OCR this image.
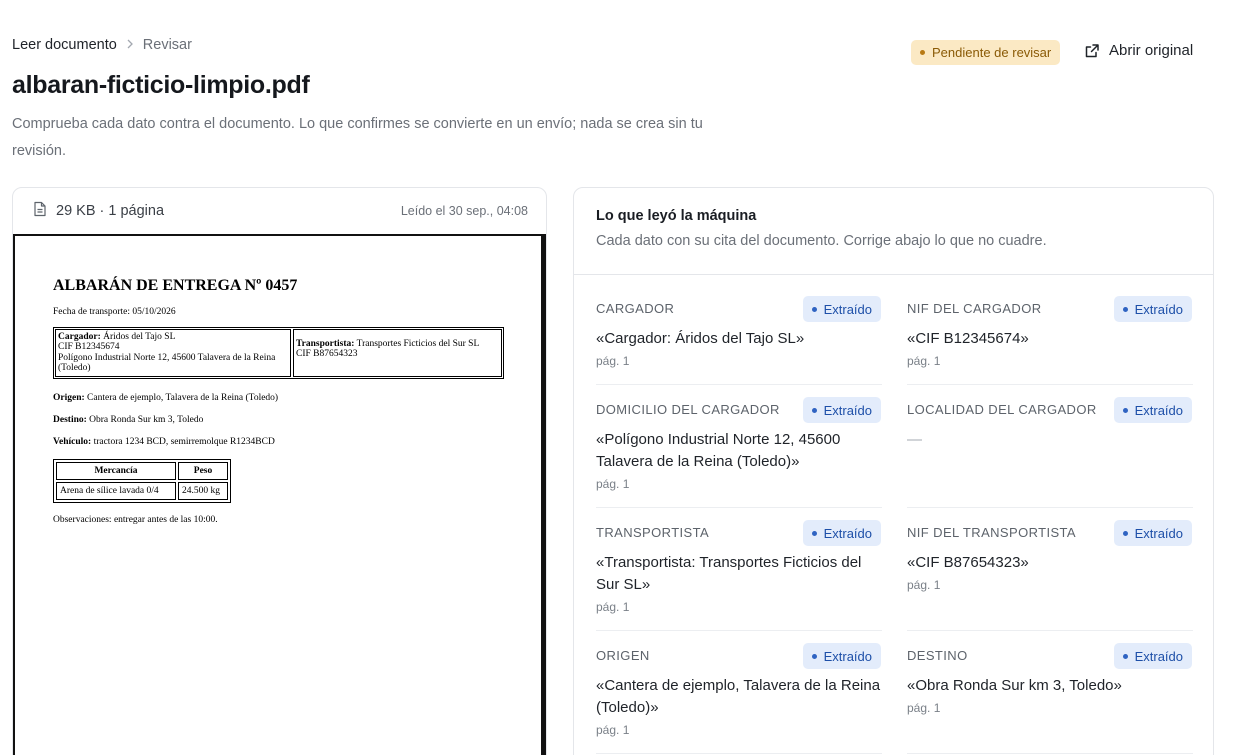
Leer documento Revisar	Pendiente de revisar	Abrir original
albaran-ficticio-limpio.pdf

Comprueba cada dato contra el documento. Lo que confirmes se convierte en un envío; nada se crea sin tu revisión.

29 KB · 1 página	Leído el 30 sep., 04:08
ALBARÁN DE ENTREGA Nº 0457
Fecha de transporte: 05/10/2026
Cargador: Áridos del Tajo SL
CIF B12345674
Polígono Industrial Norte 12, 45600 Talavera de la Reina (Toledo)
Transportista: Transportes Ficticios del Sur SL
CIF B87654323
Origen: Cantera de ejemplo, Talavera de la Reina (Toledo)
Destino: Obra Ronda Sur km 3, Toledo
Vehículo: tractora 1234 BCD, semirremolque R1234BCD
Mercancía	Peso
Arena de sílice lavada 0/4	24.500 kg
Observaciones: entregar antes de las 10:00.
Lo que leyó la máquina
Cada dato con su cita del documento. Corrige abajo lo que no cuadre.
CARGADOR	Extraído
«Cargador: Áridos del Tajo SL»
pág. 1
NIF DEL CARGADOR	Extraído
«CIF B12345674»
pág. 1
DOMICILIO DEL CARGADOR	Extraído
«Polígono Industrial Norte 12, 45600 Talavera de la Reina (Toledo)»
pág. 1
LOCALIDAD DEL CARGADOR	Extraído
—
TRANSPORTISTA	Extraído
«Transportista: Transportes Ficticios del Sur SL»
pág. 1
NIF DEL TRANSPORTISTA	Extraído
«CIF B87654323»
pág. 1
ORIGEN	Extraído
«Cantera de ejemplo, Talavera de la Reina (Toledo)»
pág. 1
DESTINO	Extraído
«Obra Ronda Sur km 3, Toledo»
pág. 1
